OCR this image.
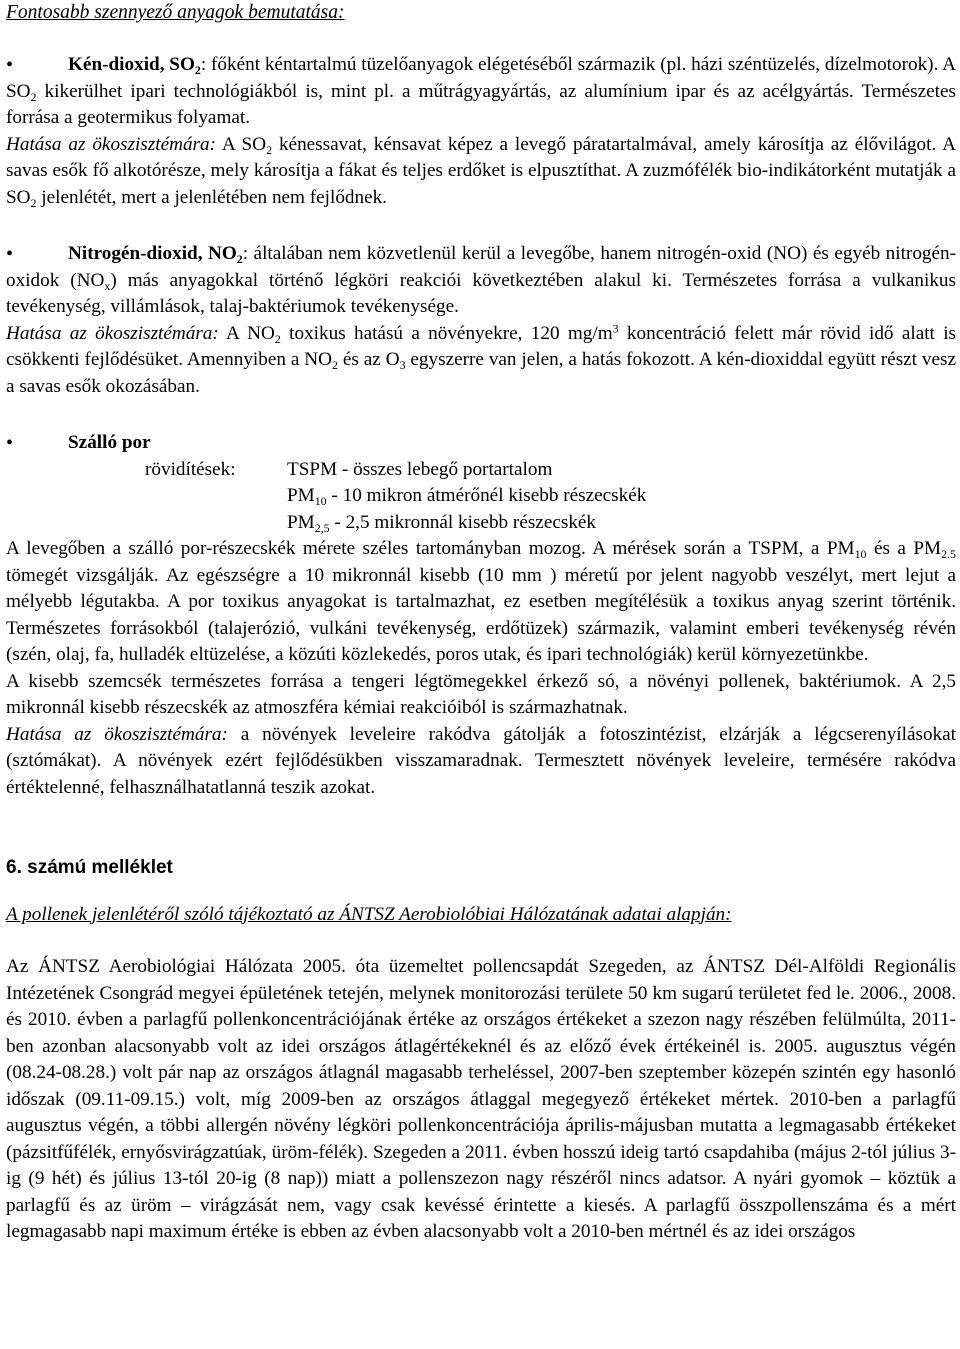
Fontosabb szennyező anyagok bemutatása:

•	Kén-dioxid, $SO_2$: főként kéntartalmú tüzelőanyagok elégetéséből származik (pl. házi széntüzelés, dízelmotorok). A $SO_2$ kikerülhet ipari technológiákból is, mint pl. a műtrágyagyártás, az alumínium ipar és az acélgyártás. Természetes forrása a geotermikus folyamat.

Hatása az ökoszisztémára: A $SO_2$ kénessavat, kénsavat képez a levegő páratartalmával, amely károsítja az élővilágot. A savas esők fő alkotórésze, mely károsítja a fákat és teljes erdőket is elpusztíthat. A zuzmófélék bio-indikátorként mutatják a $SO_2$ jelenlétét, mert a jelenlétében nem fejlődnek.

•	Nitrogén-dioxid, $NO_2$: általában nem közvetlenül kerül a levegőbe, hanem nitrogén-oxid (NO) és egyéb nitrogén-oxidok $(NO_x)$ más anyagokkal történő légköri reakciói következtében alakul ki. Természetes forrása a vulkanikus tevékenység, villámlások, talaj-baktériumok tevékenysége.

Hatása az ökoszisztémára: A $NO_2$ toxikus hatású a növényekre, 120 $mg/m^3$ koncentráció felett már rövid idő alatt is csökkenti fejlődésüket. Amennyiben a $NO_2$ és az $O_3$ egyszerre van jelen, a hatás fokozott. A kén-dioxiddal együtt részt vesz a savas esők okozásában.

•	Szálló por

rövidítések:	TSPM - összes lebegő portartalom
$PM_{10} - 10$ mikron átmérőnél kisebb részecskék
$PM_{2,5} - 2,5$ mikronnál kisebb részecskék

A levegőben a szálló por-részecskék mérete széles tartományban mozog. A mérések során a TSPM, a $PM_{10}$ és a $PM_{2.5}$ tömegét vizsgálják. Az egészségre a 10 mikronnál kisebb (10 mm ) méretű por jelent nagyobb veszélyt, mert lejut a mélyebb légutakba. A por toxikus anyagokat is tartalmazhat, ez esetben megítélésük a toxikus anyag szerint történik. Természetes forrásokból (talajerózió, vulkáni tevékenység, erdőtüzek) származik, valamint emberi tevékenység révén (szén, olaj, fa, hulladék eltüzelése, a közúti közlekedés, poros utak, és ipari technológiák) kerül környezetünkbe.

A kisebb szemcsék természetes forrása a tengeri légtömegekkel érkező só, a növényi pollenek, baktériumok. A 2,5 mikronnál kisebb részecskék az atmoszféra kémiai reakcióiból is származhatnak.

Hatása az ökoszisztémára: a növények leveleire rakódva gátolják a fotoszintézist, elzárják a légcserenyílásokat (sztómákat). A növények ezért fejlődésükben visszamaradnak. Termesztett növények leveleire, termésére rakódva értéktelenné, felhasználhatatlanná teszik azokat.

6. számú melléklet

A pollenek jelenlétéről szóló tájékoztató az ÁNTSZ Aerobiolóbiai Hálózatának adatai alapján:

Az ÁNTSZ Aerobiológiai Hálózata 2005. óta üzemeltet pollencsapdát Szegeden, az ÁNTSZ Dél-Alföldi Regionális Intézetének Csongrád megyei épületének tetején, melynek monitorozási területe 50 km sugarú területet fed le. 2006., 2008. és 2010. évben a parlagfű pollenkoncentrációjának értéke az országos értékeket a szezon nagy részében felülmúlta, 2011-ben azonban alacsonyabb volt az idei országos átlagértékeknél és az előző évek értékeinél is. 2005. augusztus végén (08.24-08.28.) volt pár nap az országos átlagnál magasabb terheléssel, 2007-ben szeptember közepén szintén egy hasonló időszak (09.11-09.15.) volt, míg 2009-ben az országos átlaggal megegyező értékeket mértek. 2010-ben a parlagfű augusztus végén, a többi allergén növény légköri pollenkoncentrációja április-májusban mutatta a legmagasabb értékeket (pázsitfűfélék, ernyősvirágzatúak, üröm-félék). Szegeden a 2011. évben hosszú ideig tartó csapdahiba (május 2-tól július 3-ig (9 hét) és július 13-tól 20-ig (8 nap)) miatt a pollenszezon nagy részéről nincs adatsor. A nyári gyomok – köztük a parlagfű és az üröm – virágzását nem, vagy csak kevéssé érintette a kiesés. A parlagfű összpollenszáma és a mért legmagasabb napi maximum értéke is ebben az évben alacsonyabb volt a 2010-ben mértnél és az idei országos
